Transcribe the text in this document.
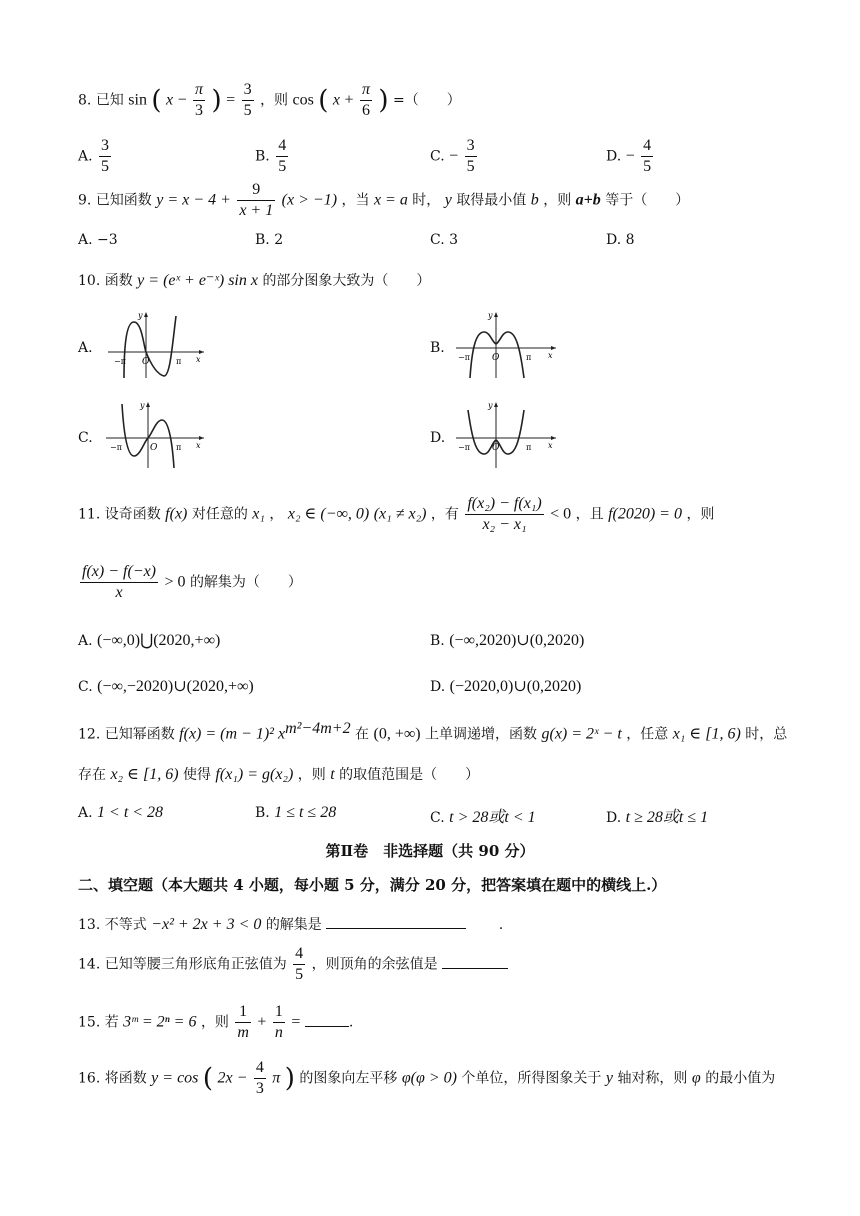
8. 已知 sin ( $x - \frac{\pi}{3}$ ) = $\frac{3}{5}$ ，则 cos ( $x + \frac{\pi}{6}$ ) =（　　）
A. $\frac{3}{5}$	B. $\frac{4}{5}$	C. − $\frac{3}{5}$	D. − $\frac{4}{5}$
9. 已知函数 $y = x - 4 + \frac{9}{x + 1} (x > -1)$ ，当 x = a 时， y 取得最小值 b ，则 a+b 等于（　　）
A. −3	B. 2	C. 3	D. 8
10. 函数 y = (eˣ + e⁻ˣ) sin x 的部分图象大致为（　　）
A.
−π O	π x
y
B.
−π O	π x
y
C.
−π	O π x
y
D.
−π O	π x
y
11. 设奇函数 f(x) 对任意的 x₁ ， x₂ ∈ (−∞, 0) (x₁ ≠ x₂) ，有 $\frac{\text{f(x₂) − f(x₁)}}{\text{x₂ − x₁}} < 0$ ，且 f(2020) = 0 ，则
$\frac{f(x) - f(-x)}{x} > 0$ 的解集为（　　）
A. (−∞,0)⋃(2020,+∞)	B. (−∞,2020)∪(0,2020)
C. (−∞,−2020)∪(2020,+∞)	D. (−2020,0)∪(0,2020)
12. 已知幂函数 f(x) = (m − 1)² $x^{m^2-4m+2}$ 在 (0, +∞) 上单调递增，函数 g(x) = 2ˣ − t ，任意 x₁ ∈ [1, 6) 时，总
存在 x₂ ∈ [1, 6) 使得 f(x₁) = g(x₂) ，则 t 的取值范围是（　　）
A. 1 < t < 28	B. 1 ≤ t ≤ 28	C. t > 28或t < 1	D. t ≥ 28或t ≤ 1
第Ⅱ卷　非选择题（共 90 分）
二、填空题（本大题共 4 小题，每小题 5 分，满分 20 分，把答案填在题中的横线上.）
13. 不等式 −x² + 2x + 3 < 0 的解集是	.
14. 已知等腰三角形底角正弦值为 $\frac{4}{5}$ ，则顶角的余弦值是
15. 若 3ᵐ = 2ⁿ = 6 ，则 $\frac{1}{m} + \frac{1}{n}$ =	.
16. 将函数 y = cos ( $2x - \frac{4}{3}$ π ) 的图象向左平移 φ(φ > 0) 个单位，所得图象关于 y 轴对称，则 φ 的最小值为
